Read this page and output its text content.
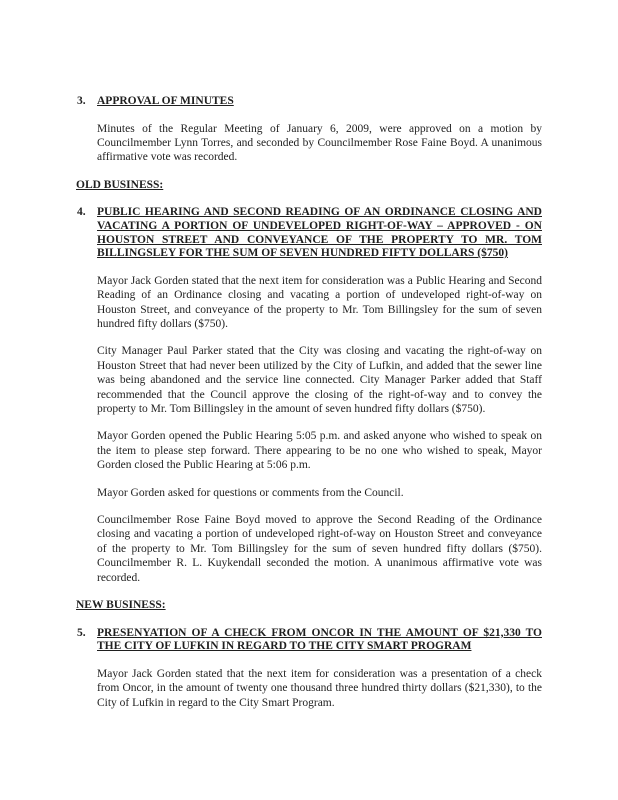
3. APPROVAL OF MINUTES

Minutes of the Regular Meeting of January 6, 2009, were approved on a motion by Councilmember Lynn Torres, and seconded by Councilmember Rose Faine Boyd. A unanimous affirmative vote was recorded.

OLD BUSINESS:
4. PUBLIC HEARING AND SECOND READING OF AN ORDINANCE CLOSING AND VACATING A PORTION OF UNDEVELOPED RIGHT-OF-WAY – APPROVED - ON HOUSTON STREET AND CONVEYANCE OF THE PROPERTY TO MR. TOM BILLINGSLEY FOR THE SUM OF SEVEN HUNDRED FIFTY DOLLARS ($750)

Mayor Jack Gorden stated that the next item for consideration was a Public Hearing and Second Reading of an Ordinance closing and vacating a portion of undeveloped right-of-way on Houston Street, and conveyance of the property to Mr. Tom Billingsley for the sum of seven hundred fifty dollars ($750).

City Manager Paul Parker stated that the City was closing and vacating the right-of-way on Houston Street that had never been utilized by the City of Lufkin, and added that the sewer line was being abandoned and the service line connected. City Manager Parker added that Staff recommended that the Council approve the closing of the right-of-way and to convey the property to Mr. Tom Billingsley in the amount of seven hundred fifty dollars ($750).

Mayor Gorden opened the Public Hearing 5:05 p.m. and asked anyone who wished to speak on the item to please step forward. There appearing to be no one who wished to speak, Mayor Gorden closed the Public Hearing at 5:06 p.m.

Mayor Gorden asked for questions or comments from the Council.

Councilmember Rose Faine Boyd moved to approve the Second Reading of the Ordinance closing and vacating a portion of undeveloped right-of-way on Houston Street and conveyance of the property to Mr. Tom Billingsley for the sum of seven hundred fifty dollars ($750). Councilmember R. L. Kuykendall seconded the motion. A unanimous affirmative vote was recorded.

NEW BUSINESS:
5. PRESENYATION OF A CHECK FROM ONCOR IN THE AMOUNT OF $21,330 TO THE CITY OF LUFKIN IN REGARD TO THE CITY SMART PROGRAM

Mayor Jack Gorden stated that the next item for consideration was a presentation of a check from Oncor, in the amount of twenty one thousand three hundred thirty dollars ($21,330), to the City of Lufkin in regard to the City Smart Program.
